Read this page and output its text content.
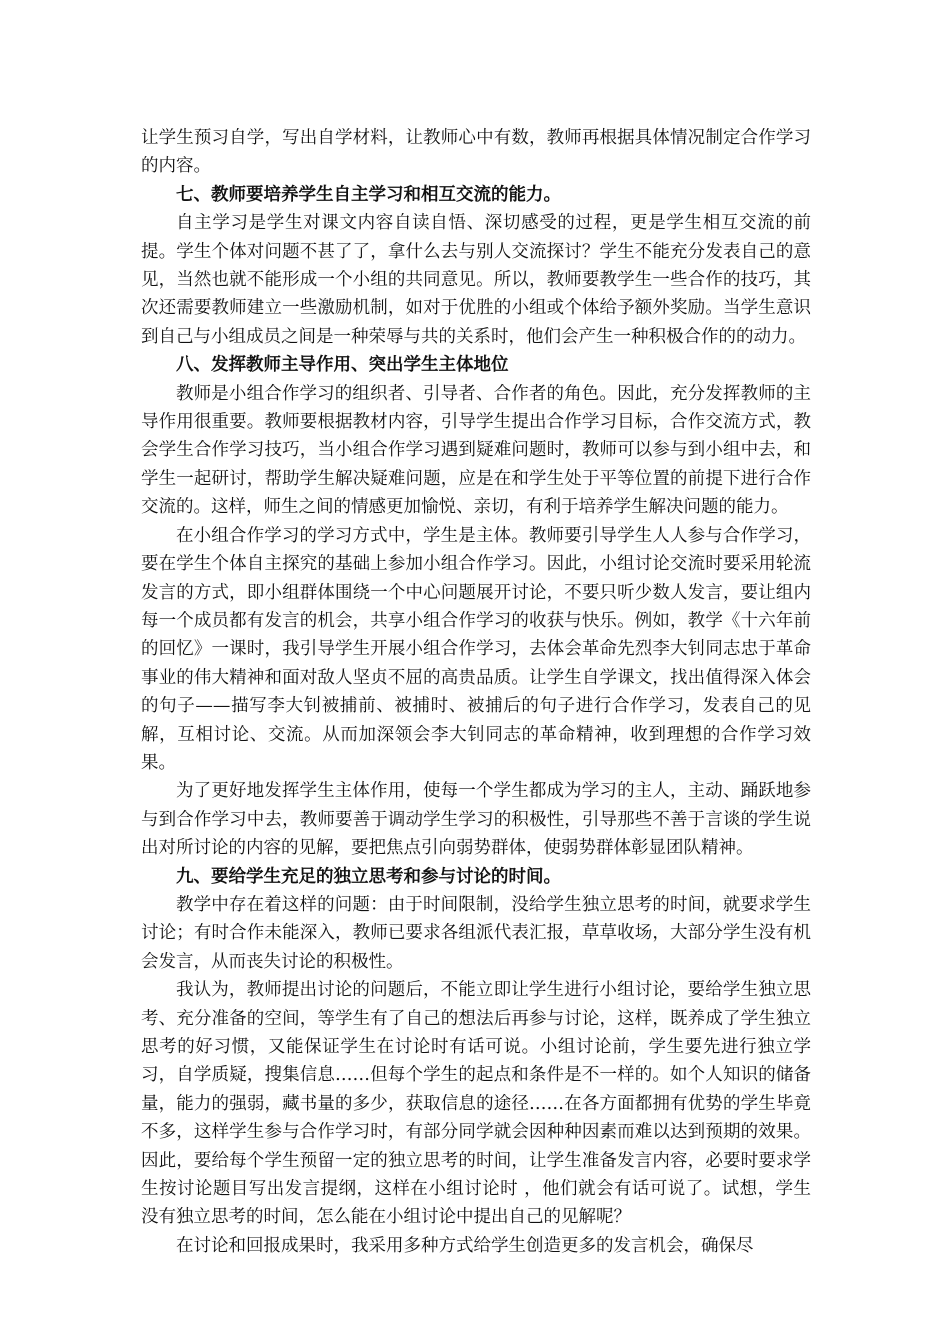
让学生预习自学，写出自学材料，让教师心中有数，教师再根据具体情况制定合作学习的内容。

七、教师要培养学生自主学习和相互交流的能力。

自主学习是学生对课文内容自读自悟、深切感受的过程，更是学生相互交流的前提。学生个体对问题不甚了了，拿什么去与别人交流探讨？学生不能充分发表自己的意见，当然也就不能形成一个小组的共同意见。所以，教师要教学生一些合作的技巧，其次还需要教师建立一些激励机制，如对于优胜的小组或个体给予额外奖励。当学生意识到自己与小组成员之间是一种荣辱与共的关系时，他们会产生一种积极合作的的动力。

八、发挥教师主导作用、突出学生主体地位

教师是小组合作学习的组织者、引导者、合作者的角色。因此，充分发挥教师的主导作用很重要。教师要根据教材内容，引导学生提出合作学习目标，合作交流方式，教会学生合作学习技巧，当小组合作学习遇到疑难问题时，教师可以参与到小组中去，和学生一起研讨，帮助学生解决疑难问题，应是在和学生处于平等位置的前提下进行合作交流的。这样，师生之间的情感更加愉悦、亲切，有利于培养学生解决问题的能力。

在小组合作学习的学习方式中，学生是主体。教师要引导学生人人参与合作学习，要在学生个体自主探究的基础上参加小组合作学习。因此，小组讨论交流时要采用轮流发言的方式，即小组群体围绕一个中心问题展开讨论，不要只听少数人发言，要让组内每一个成员都有发言的机会，共享小组合作学习的收获与快乐。例如，教学《十六年前的回忆》一课时，我引导学生开展小组合作学习，去体会革命先烈李大钊同志忠于革命事业的伟大精神和面对敌人坚贞不屈的高贵品质。让学生自学课文，找出值得深入体会的句子——描写李大钊被捕前、被捕时、被捕后的句子进行合作学习，发表自己的见解，互相讨论、交流。从而加深领会李大钊同志的革命精神，收到理想的合作学习效果。

为了更好地发挥学生主体作用，使每一个学生都成为学习的主人，主动、踊跃地参与到合作学习中去，教师要善于调动学生学习的积极性，引导那些不善于言谈的学生说出对所讨论的内容的见解，要把焦点引向弱势群体，使弱势群体彰显团队精神。

九、要给学生充足的独立思考和参与讨论的时间。

教学中存在着这样的问题：由于时间限制，没给学生独立思考的时间，就要求学生讨论；有时合作未能深入，教师已要求各组派代表汇报，草草收场，大部分学生没有机会发言，从而丧失讨论的积极性。

我认为，教师提出讨论的问题后，不能立即让学生进行小组讨论，要给学生独立思考、充分准备的空间，等学生有了自己的想法后再参与讨论，这样，既养成了学生独立思考的好习惯，又能保证学生在讨论时有话可说。小组讨论前，学生要先进行独立学习，自学质疑，搜集信息……但每个学生的起点和条件是不一样的。如个人知识的储备量，能力的强弱，藏书量的多少，获取信息的途径……在各方面都拥有优势的学生毕竟不多，这样学生参与合作学习时，有部分同学就会因种种因素而难以达到预期的效果。因此，要给每个学生预留一定的独立思考的时间，让学生准备发言内容，必要时要求学生按讨论题目写出发言提纲，这样在小组讨论时 ，他们就会有话可说了。试想，学生没有独立思考的时间，怎么能在小组讨论中提出自己的见解呢？

在讨论和回报成果时，我采用多种方式给学生创造更多的发言机会，确保尽
